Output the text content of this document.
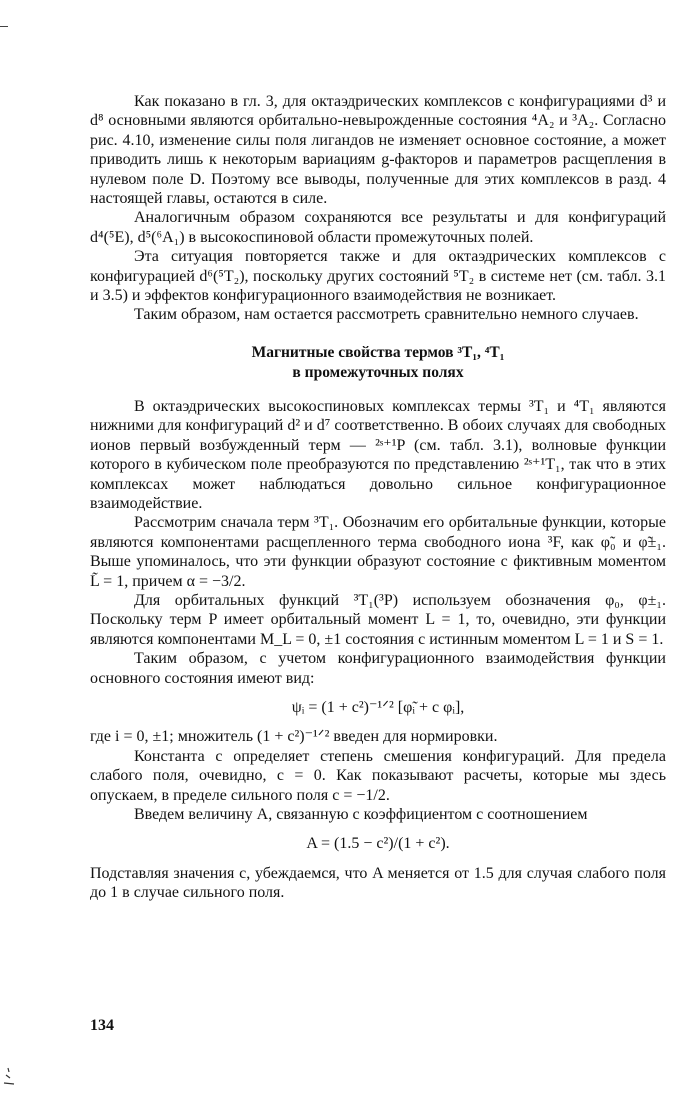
Как показано в гл. 3, для октаэдрических комплексов с конфигурациями d³ и d⁸ основными являются орбитально-невырожденные состояния ⁴A₂ и ³A₂. Согласно рис. 4.10, изменение силы поля лигандов не изменяет основное состояние, а может приводить лишь к некоторым вариациям g-факторов и параметров расщепления в нулевом поле D. Поэтому все выводы, полученные для этих комплексов в разд. 4 настоящей главы, остаются в силе.

Аналогичным образом сохраняются все результаты и для конфигураций d⁴(⁵E), d⁵(⁶A₁) в высокоспиновой области промежуточных полей.

Эта ситуация повторяется также и для октаэдрических комплексов с конфигурацией d⁶(⁵T₂), поскольку других состояний ⁵T₂ в системе нет (см. табл. 3.1 и 3.5) и эффектов конфигурационного взаимодействия не возникает.

Таким образом, нам остается рассмотреть сравнительно немного случаев.

Магнитные свойства термов ³T₁, ⁴T₁

в промежуточных полях

В октаэдрических высокоспиновых комплексах термы ³T₁ и ⁴T₁ являются нижними для конфигураций d² и d⁷ соответственно. В обоих случаях для свободных ионов первый возбужденный терм — ²ˢ⁺¹P (см. табл. 3.1), волновые функции которого в кубическом поле преобразуются по представлению ²ˢ⁺¹T₁, так что в этих комплексах может наблюдаться довольно сильное конфигурационное взаимодействие.

Рассмотрим сначала терм ³T₁. Обозначим его орбитальные функции, которые являются компонентами расщепленного терма свободного иона ³F, как φ̃₀ и φ̃±₁. Выше упоминалось, что эти функции образуют состояние с фиктивным моментом L̃ = 1, причем α = −3/2.

Для орбитальных функций ³T₁(³P) используем обозначения φ₀, φ±₁. Поскольку терм P имеет орбитальный момент L = 1, то, очевидно, эти функции являются компонентами M_L = 0, ±1 состояния с истинным моментом L = 1 и S = 1.

Таким образом, с учетом конфигурационного взаимодействия функции основного состояния имеют вид:

ψᵢ = (1 + c²)⁻¹ᐟ² [φ̃ᵢ + c φᵢ],

где i = 0, ±1; множитель (1 + c²)⁻¹ᐟ² введен для нормировки.

Константа c определяет степень смешения конфигураций. Для предела слабого поля, очевидно, c = 0. Как показывают расчеты, которые мы здесь опускаем, в пределе сильного поля c = −1/2.

Введем величину A, связанную с коэффициентом c соотношением

A = (1.5 − c²)/(1 + c²).

Подставляя значения c, убеждаемся, что A меняется от 1.5 для случая слабого поля до 1 в случае сильного поля.

134
